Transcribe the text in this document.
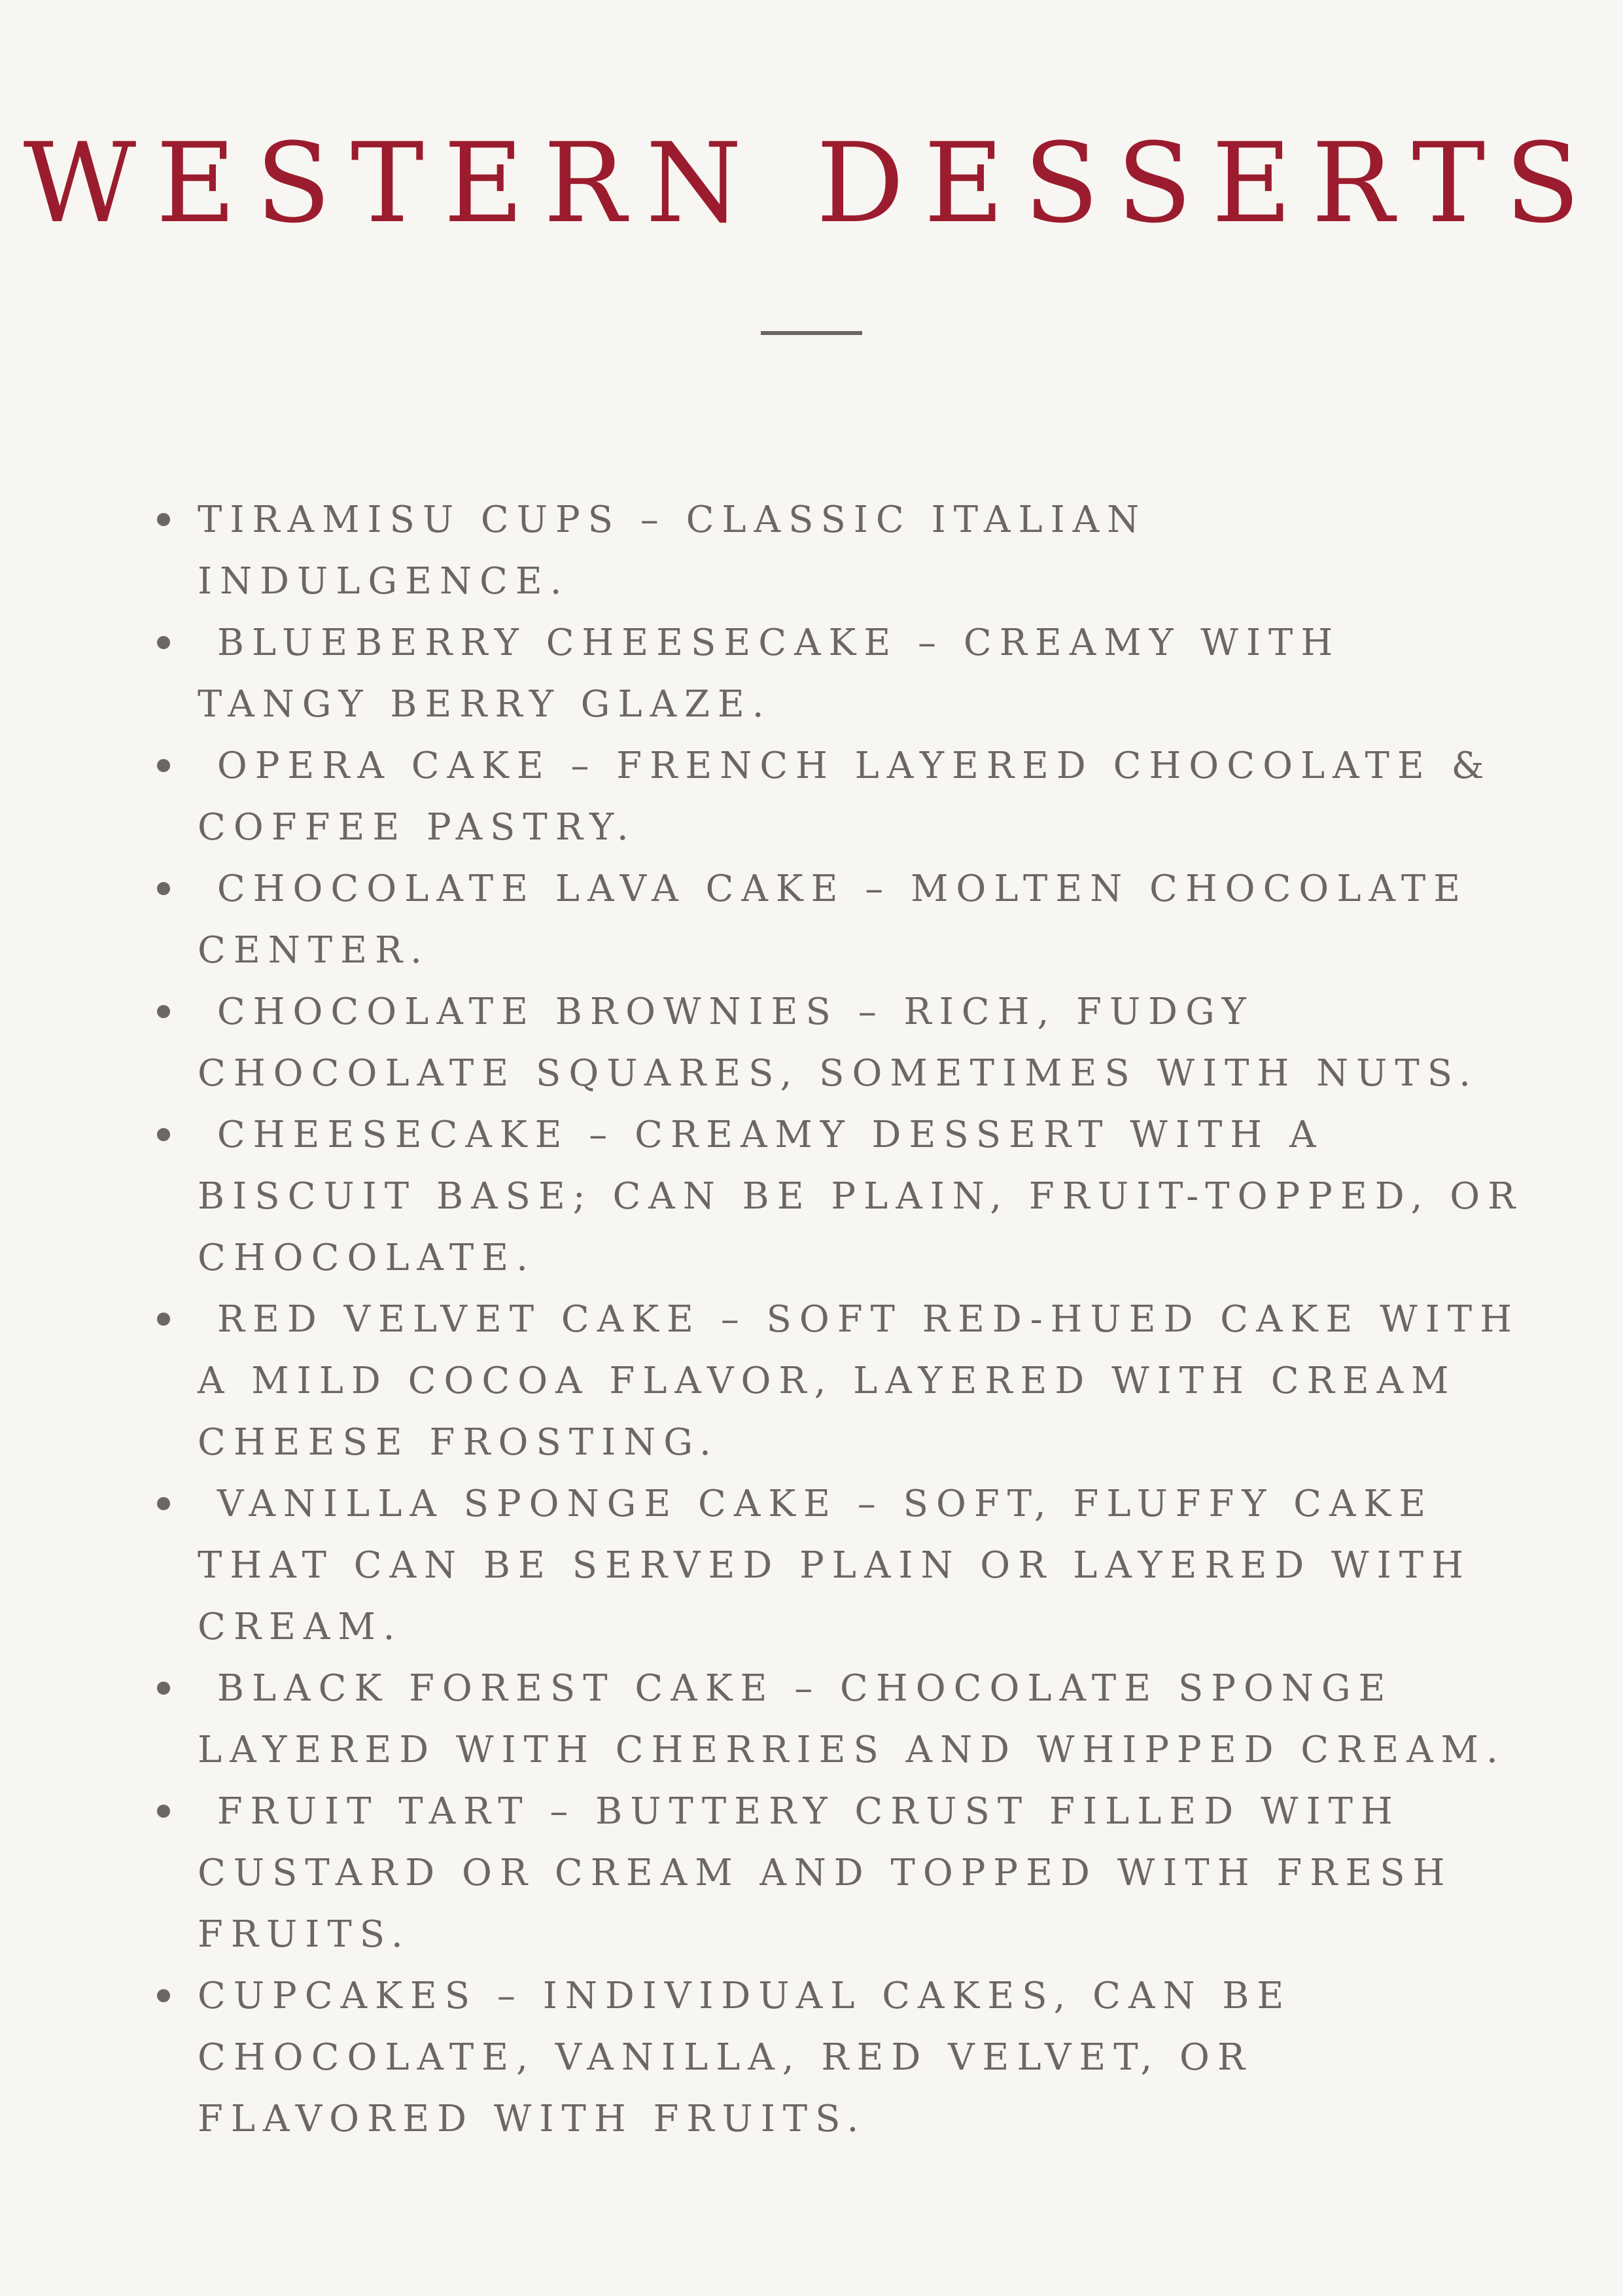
WESTERN DESSERTS
TIRAMISU CUPS – CLASSIC ITALIAN INDULGENCE.
BLUEBERRY CHEESECAKE – CREAMY WITH TANGY BERRY GLAZE.
OPERA CAKE – FRENCH LAYERED CHOCOLATE & COFFEE PASTRY.
CHOCOLATE LAVA CAKE – MOLTEN CHOCOLATE CENTER.
CHOCOLATE BROWNIES – RICH, FUDGY CHOCOLATE SQUARES, SOMETIMES WITH NUTS.
CHEESECAKE – CREAMY DESSERT WITH A BISCUIT BASE; CAN BE PLAIN, FRUIT-TOPPED, OR CHOCOLATE.
RED VELVET CAKE – SOFT RED-HUED CAKE WITH A MILD COCOA FLAVOR, LAYERED WITH CREAM CHEESE FROSTING.
VANILLA SPONGE CAKE – SOFT, FLUFFY CAKE THAT CAN BE SERVED PLAIN OR LAYERED WITH CREAM.
BLACK FOREST CAKE – CHOCOLATE SPONGE LAYERED WITH CHERRIES AND WHIPPED CREAM.
FRUIT TART – BUTTERY CRUST FILLED WITH CUSTARD OR CREAM AND TOPPED WITH FRESH FRUITS.
CUPCAKES – INDIVIDUAL CAKES, CAN BE CHOCOLATE, VANILLA, RED VELVET, OR FLAVORED WITH FRUITS.
